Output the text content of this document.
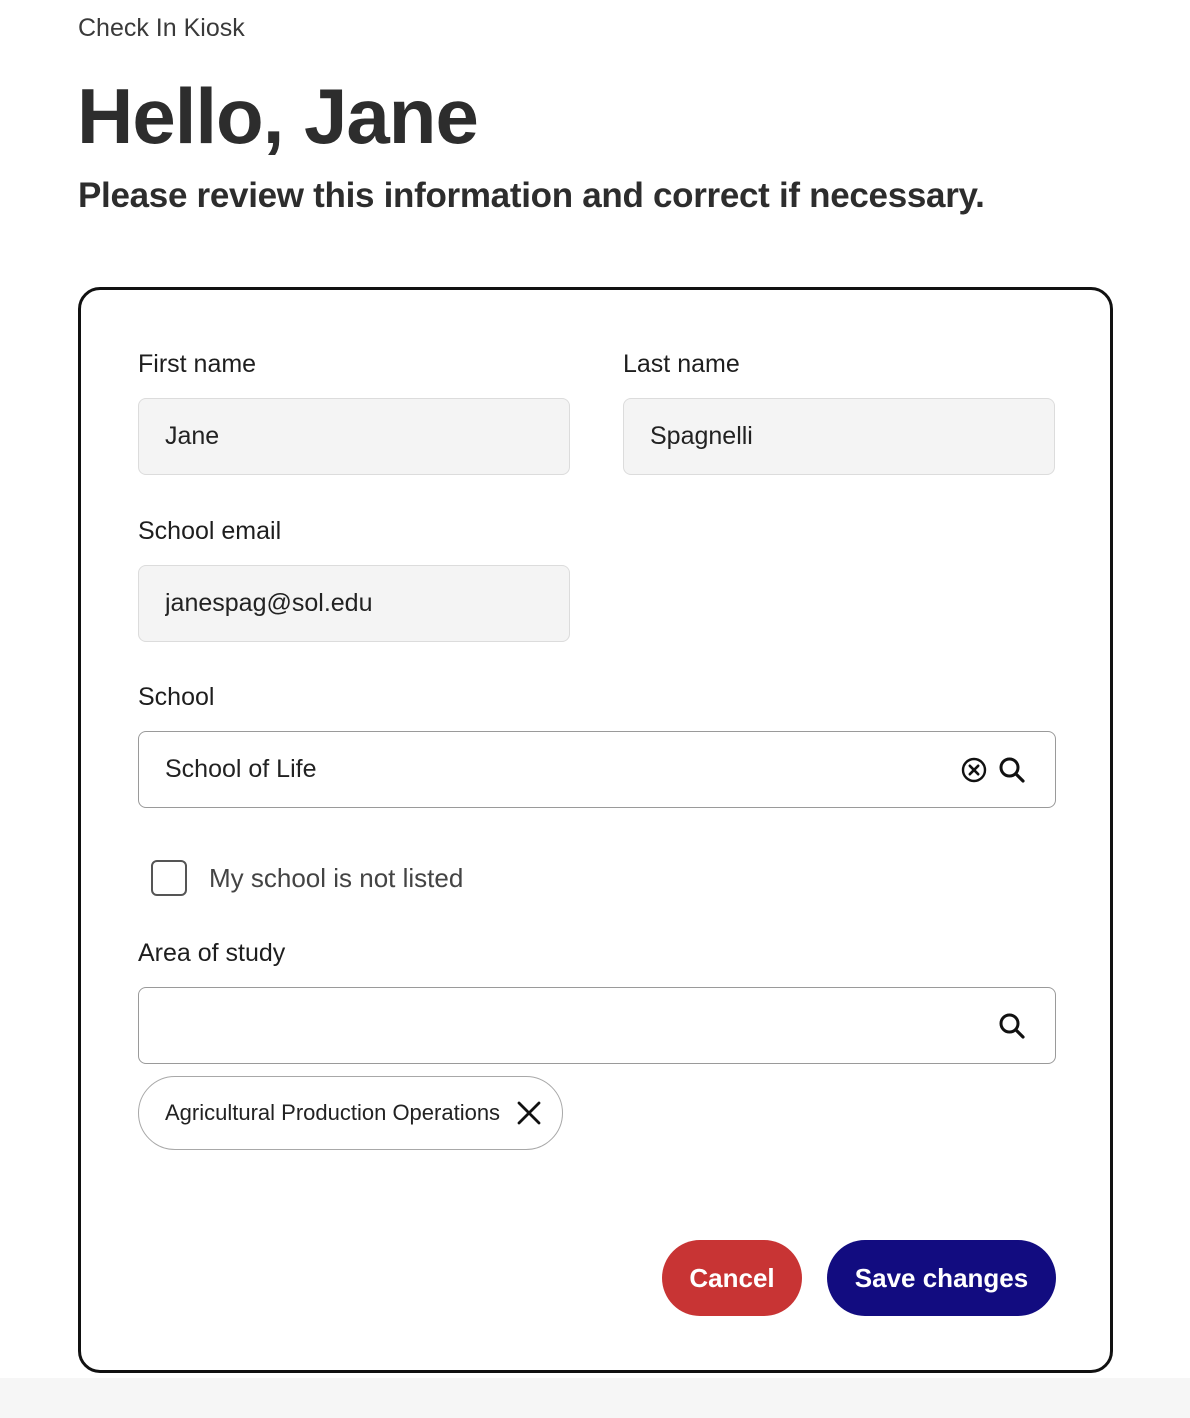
Check In Kiosk
Hello, Jane

Please review this information and correct if necessary.

First name
Jane	Last name
Spagnelli
School email
janespag@sol.edu
School
School of Life
My school is not listed
Area of study
Agricultural Production Operations
Cancel	Save changes
